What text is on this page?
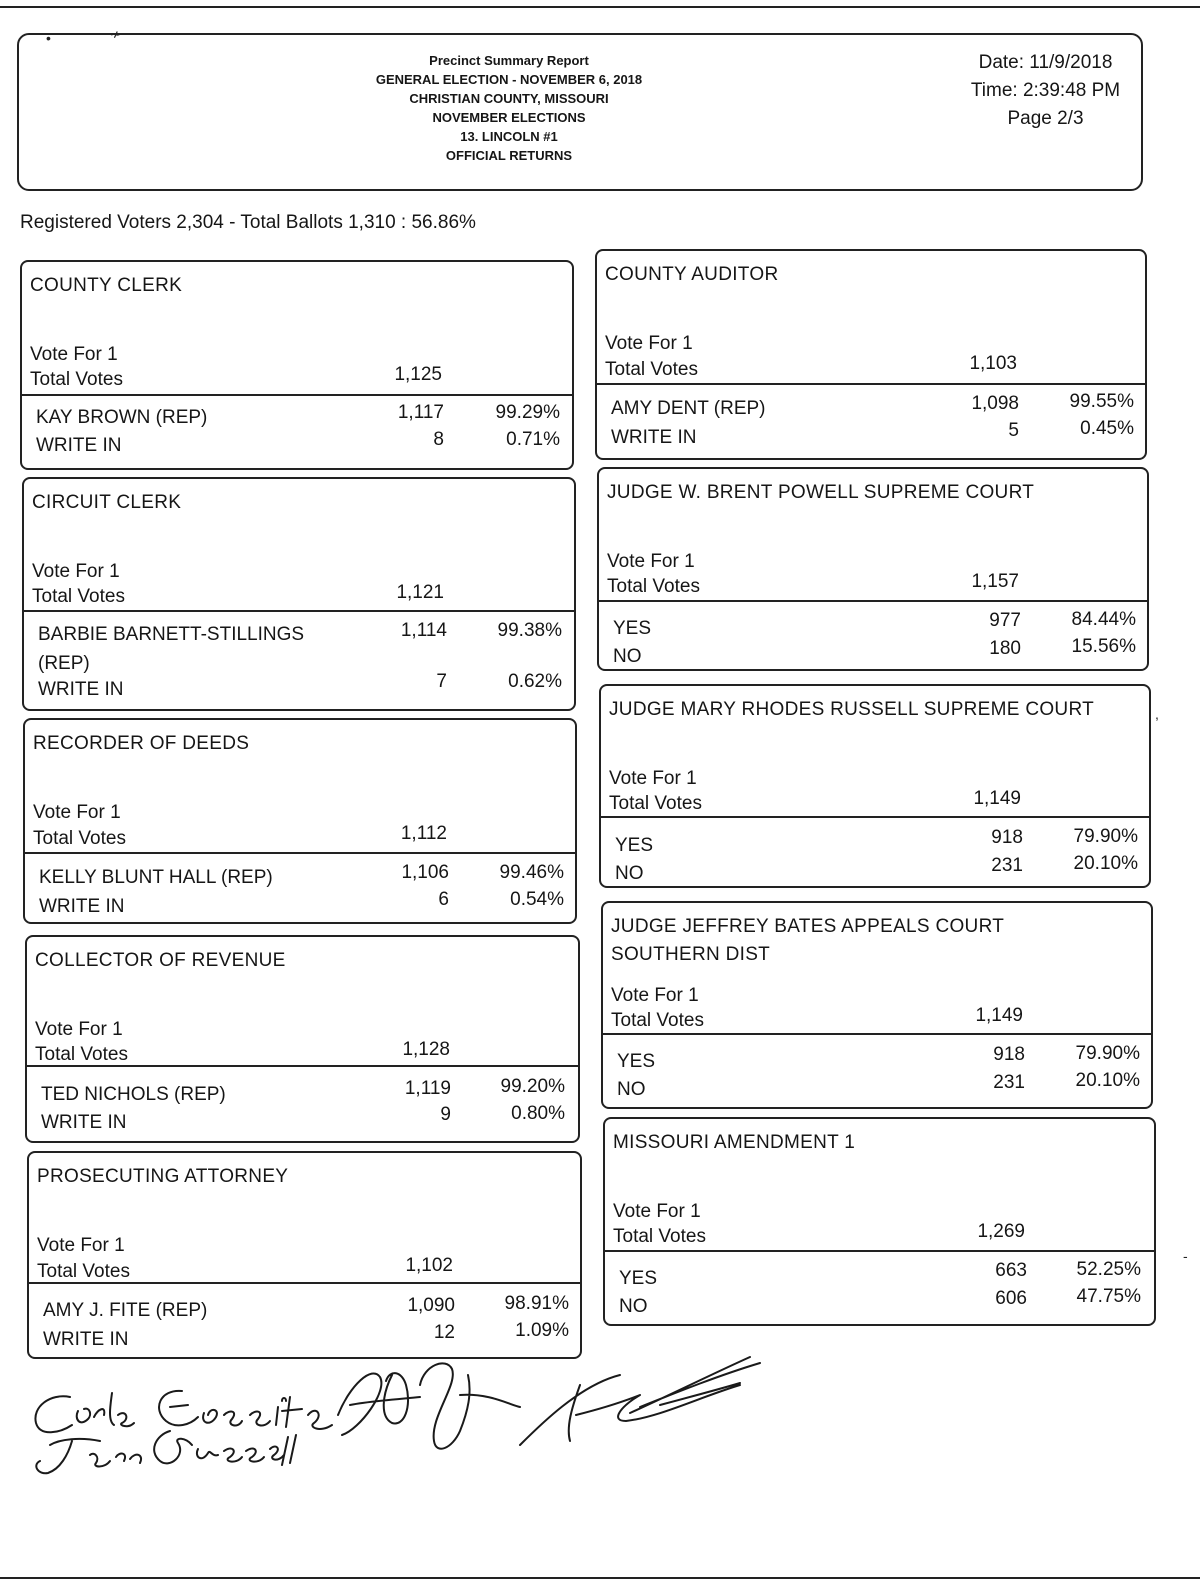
•	≁
Precinct Summary Report
GENERAL ELECTION - NOVEMBER 6, 2018
CHRISTIAN COUNTY, MISSOURI
NOVEMBER ELECTIONS
13. LINCOLN #1
OFFICIAL RETURNS
Date: 11/9/2018
Time: 2:39:48 PM
Page 2/3
Registered Voters 2,304 - Total Ballots 1,310 : 56.86%
COUNTY CLERK
Vote For 1
Total Votes	1,125
KAY BROWN (REP)	1,117	99.29%
WRITE IN	8	0.71%
CIRCUIT CLERK
Vote For 1
Total Votes	1,121
BARBIE BARNETT-STILLINGS
(REP)
1,114	99.38%
WRITE IN	7	0.62%
RECORDER OF DEEDS
Vote For 1
Total Votes	1,112
KELLY BLUNT HALL (REP)	1,106	99.46%
WRITE IN	6	0.54%
COLLECTOR OF REVENUE
Vote For 1
Total Votes	1,128
TED NICHOLS (REP)	1,119	99.20%
WRITE IN	9	0.80%
PROSECUTING ATTORNEY
Vote For 1
Total Votes	1,102
AMY J. FITE (REP)	1,090	98.91%
WRITE IN	12	1.09%
COUNTY AUDITOR
Vote For 1
Total Votes	1,103
AMY DENT (REP)	1,098	99.55%
WRITE IN	5	0.45%
JUDGE W. BRENT POWELL SUPREME COURT
Vote For 1
Total Votes	1,157
YES	977	84.44%
NO	180	15.56%
JUDGE MARY RHODES RUSSELL SUPREME COURT
Vote For 1
Total Votes	1,149
YES	918	79.90%
NO	231	20.10%
JUDGE JEFFREY BATES APPEALS COURT
SOUTHERN DIST
Vote For 1
Total Votes	1,149
YES	918	79.90%
NO	231	20.10%
MISSOURI AMENDMENT 1
Vote For 1
Total Votes	1,269
YES	663	52.25%
NO	606	47.75%
,
-
